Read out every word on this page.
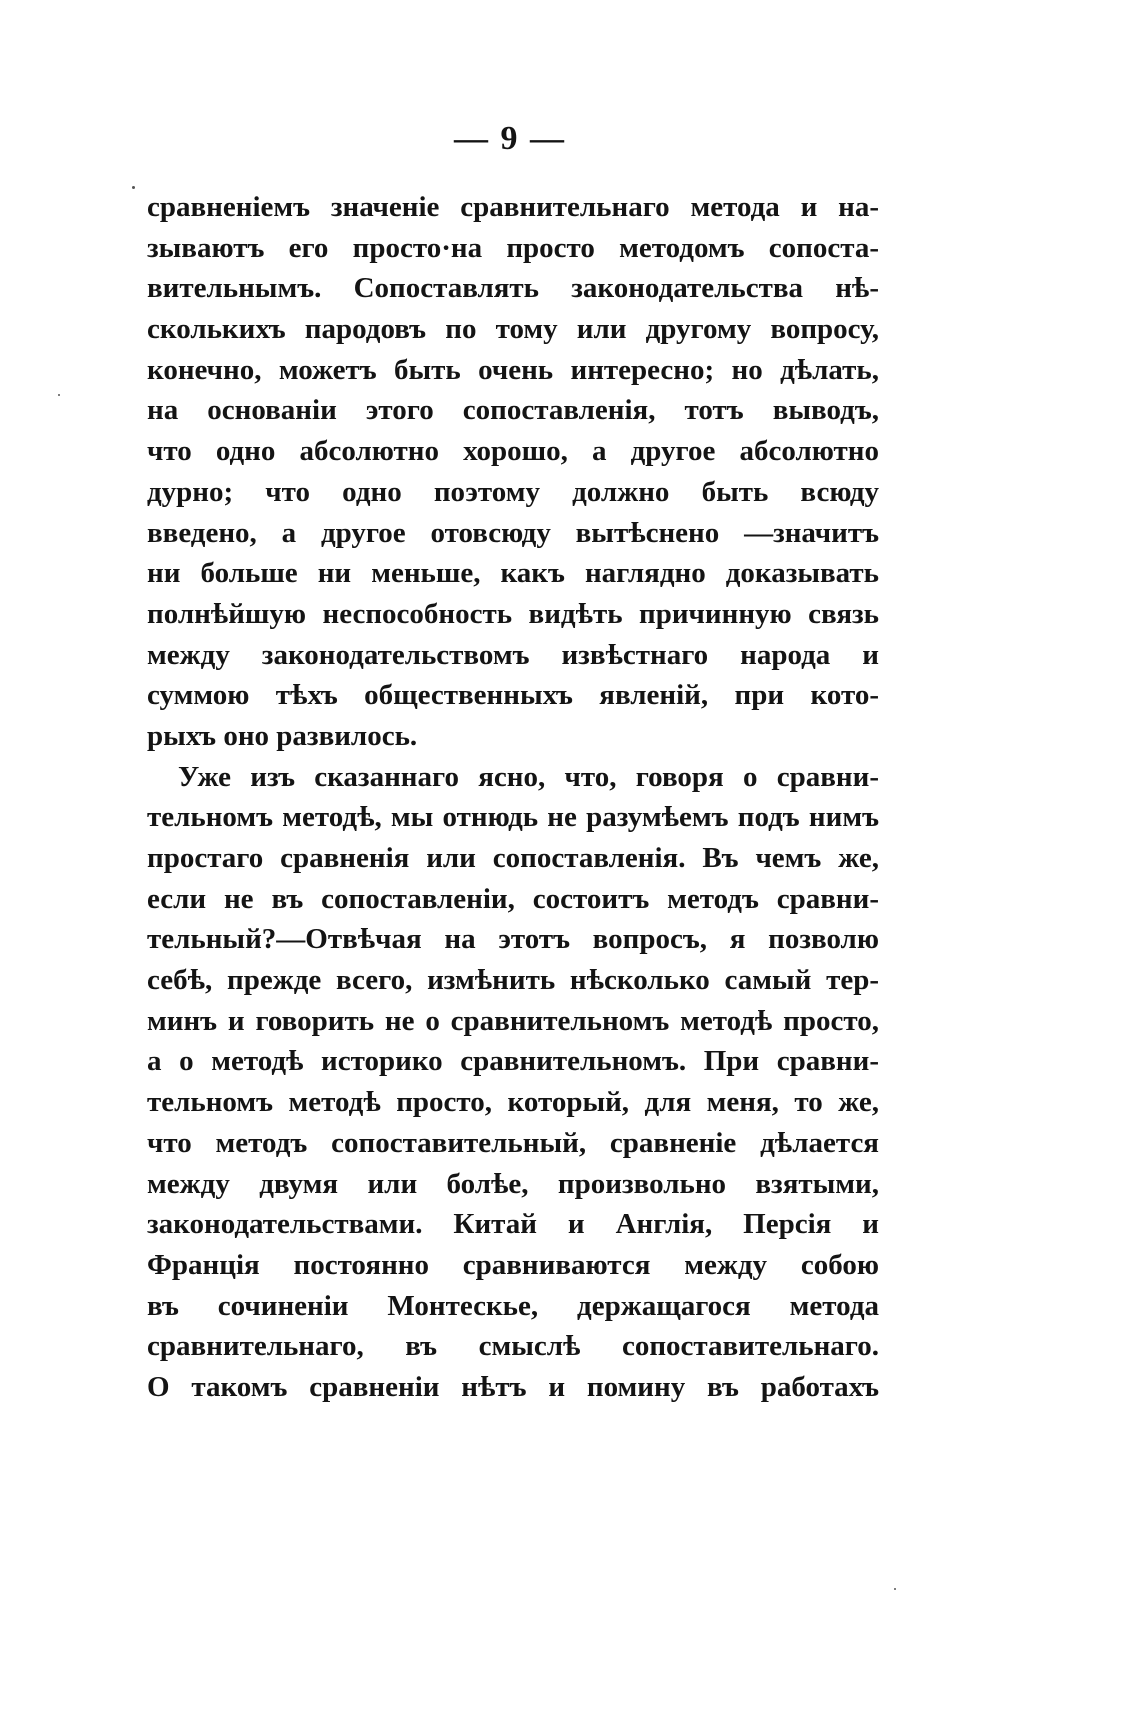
— 9 —
сравненіемъ значеніе сравнительнаго метода и на-
зываютъ его просто·на просто методомъ сопоста-
вительнымъ. Сопоставлять законодательства нѣ-
сколькихъ пародовъ по тому или другому вопросу,
конечно, можетъ быть очень интересно; но дѣлать,
на основаніи этого сопоставленія, тотъ выводъ,
что одно абсолютно хорошо, а другое абсолютно
дурно; что одно поэтому должно быть всюду
введено, а другое отовсюду вытѣснено —значитъ
ни больше ни меньше, какъ наглядно доказывать
полнѣйшую неспособность видѣть причинную связь
между законодательствомъ извѣстнаго народа и
суммою тѣхъ общественныхъ явленій, при кото-
рыхъ оно развилось.
Уже изъ сказаннаго ясно, что, говоря о сравни-
тельномъ методѣ, мы отнюдь не разумѣемъ подъ нимъ
простаго сравненія или сопоставленія. Въ чемъ же,
если не въ сопоставленіи, состоитъ методъ сравни-
тельный?—Отвѣчая на этотъ вопросъ, я позволю
себѣ, прежде всего, измѣнить нѣсколько самый тер-
минъ и говорить не о сравнительномъ методѣ просто,
а о методѣ историко сравнительномъ. При сравни-
тельномъ методѣ просто, который, для меня, то же,
что методъ сопоставительный, сравненіе дѣлается
между двумя или болѣе, произвольно взятыми,
законодательствами. Китай и Англія, Персія и
Франція постоянно сравниваются между собою
въ сочиненіи Монтескье, держащагося метода
сравнительнаго, въ смыслѣ сопоставительнаго.
О такомъ сравненіи нѣтъ и помину въ работахъ
